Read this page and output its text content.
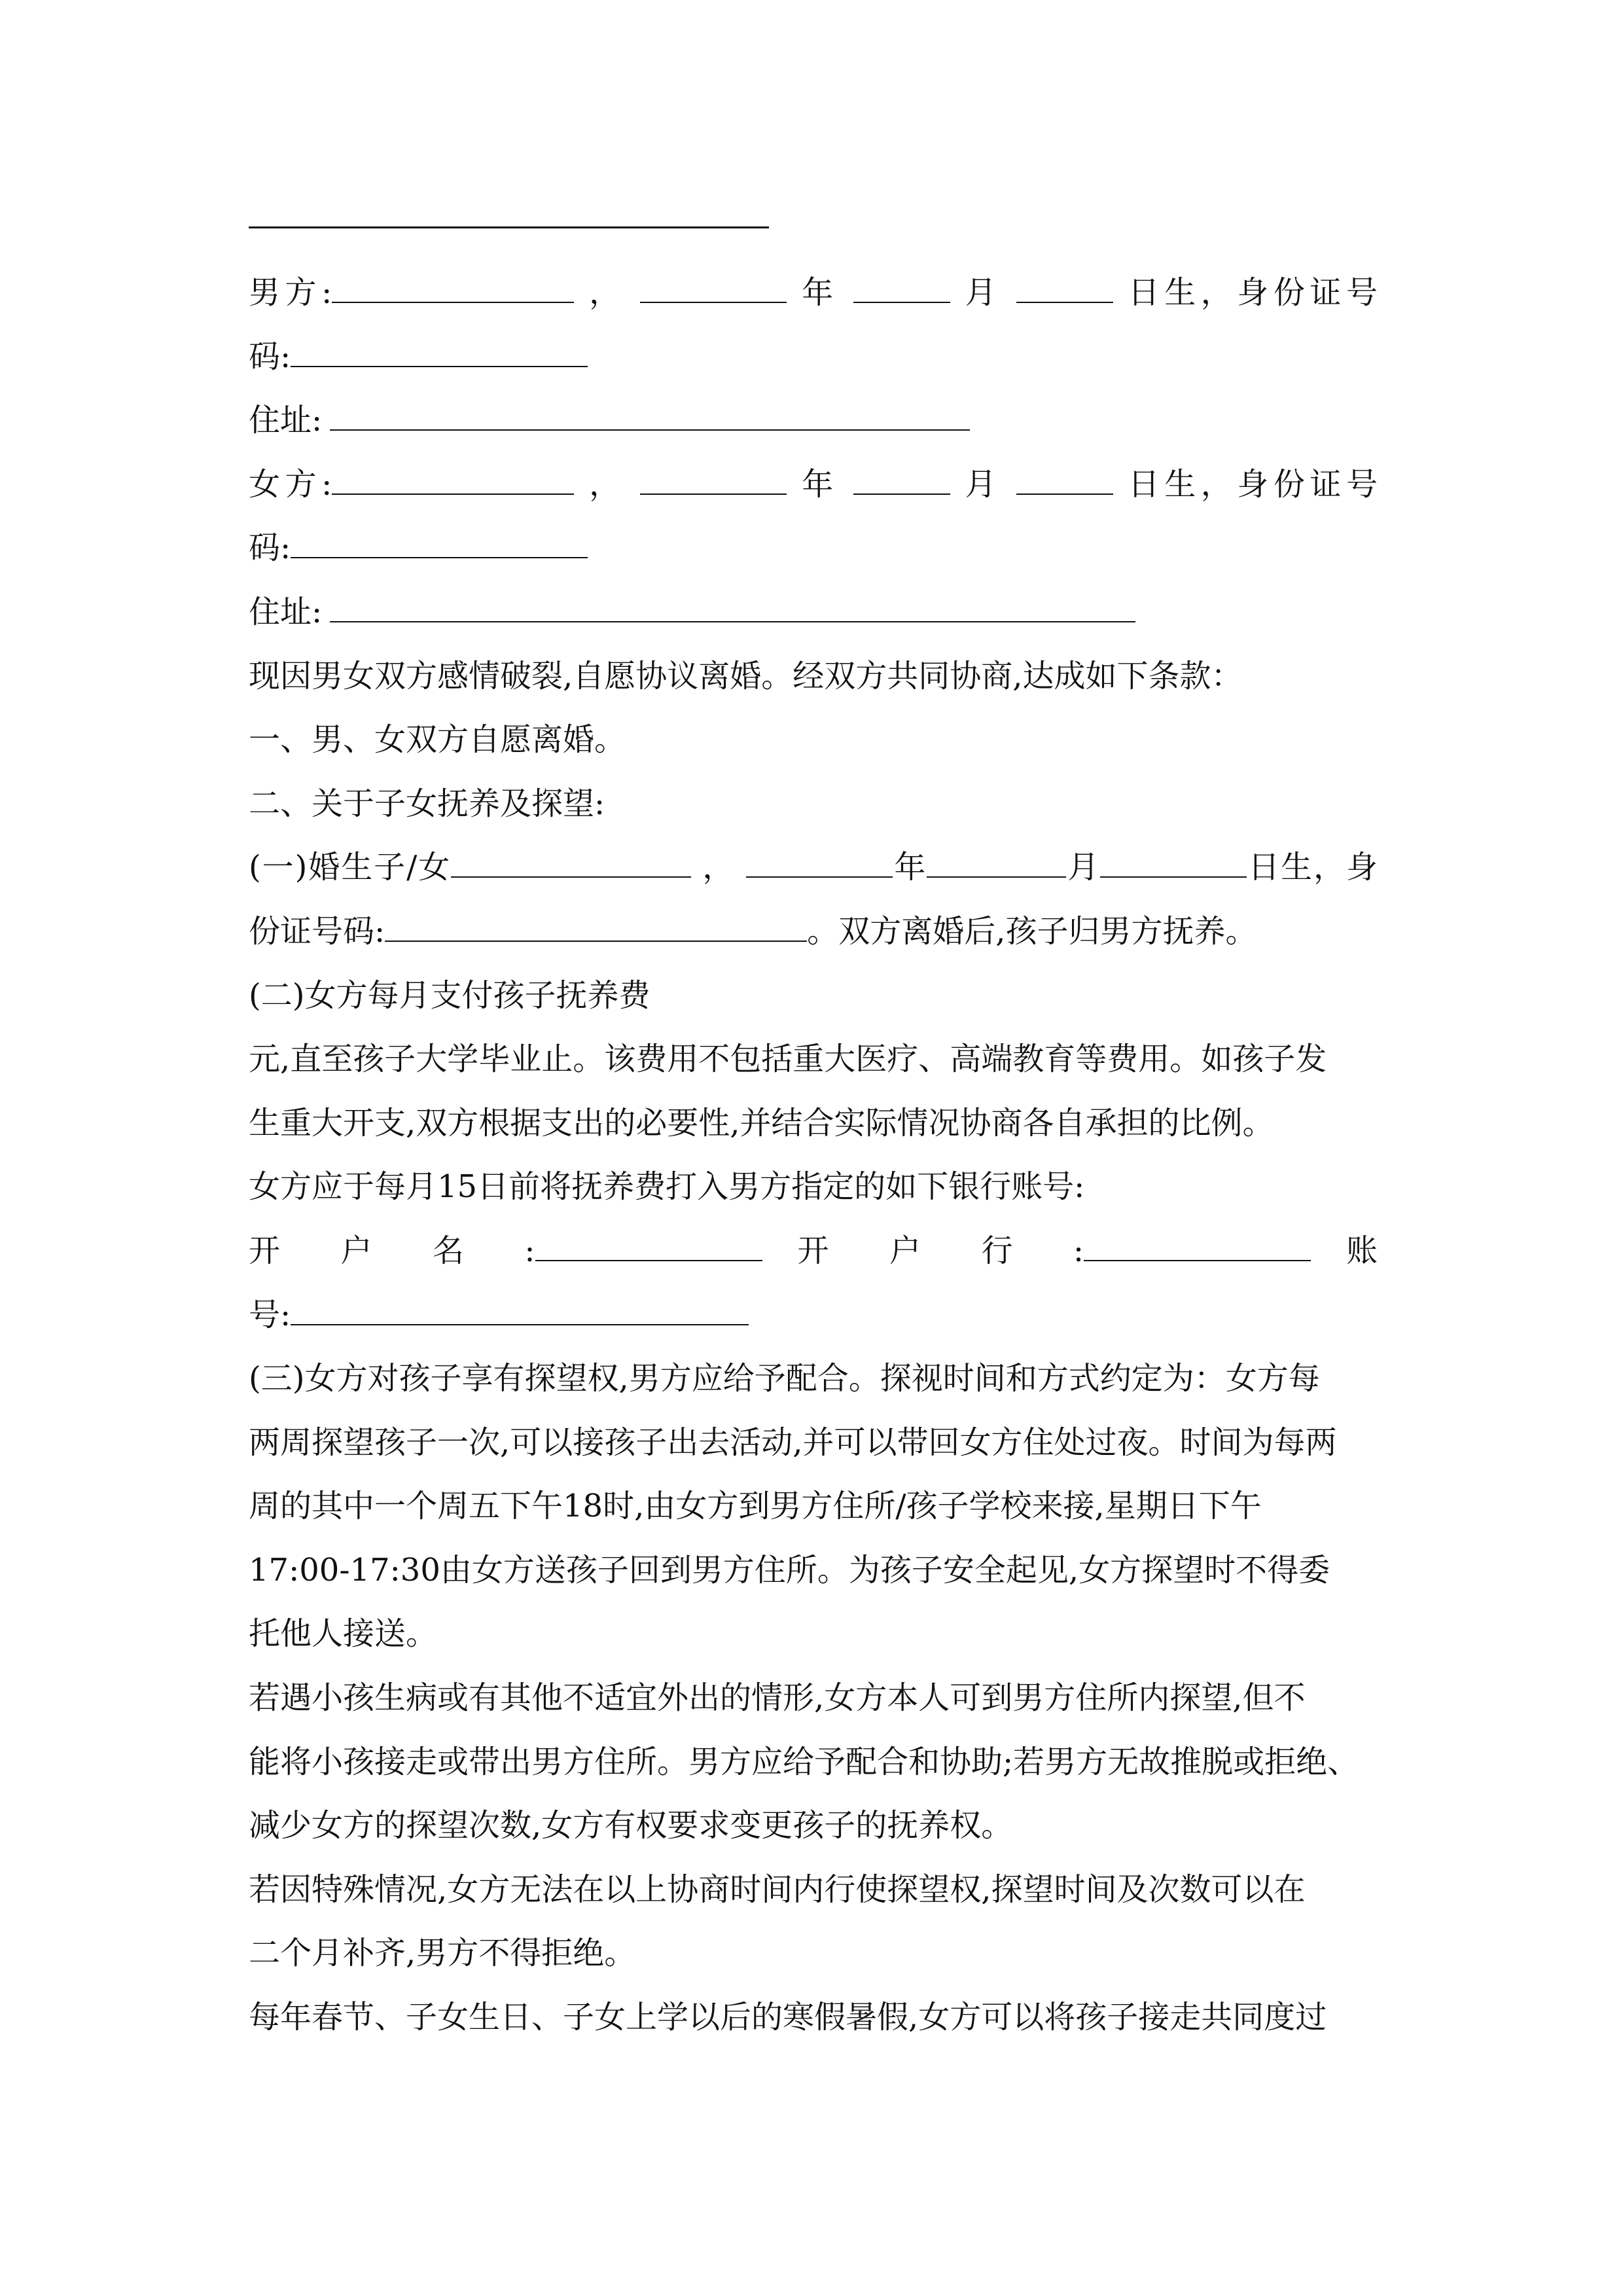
男方:	，	年	月	日生，身份证号
码:
住址:
女方:	，	年	月	日生，身份证号
码:
住址:
现因男女双方感情破裂,自愿协议离婚。经双方共同协商,达成如下条款：
一、男、女双方自愿离婚。
二、关于子女抚养及探望:
(一)婚生子/女	，	年	月	日生，身
份证号码:	。双方离婚后,孩子归男方抚养。
(二)女方每月支付孩子抚养费
元,直至孩子大学毕业止。该费用不包括重大医疗、高端教育等费用。如孩子发
生重大开支,双方根据支出的必要性,并结合实际情况协商各自承担的比例。
女方应于每月15日前将抚养费打入男方指定的如下银行账号:
开 户 名 :	开 户 行 :	账
号:
(三)女方对孩子享有探望权,男方应给予配合。探视时间和方式约定为：女方每
两周探望孩子一次,可以接孩子出去活动,并可以带回女方住处过夜。时间为每两
周的其中一个周五下午18时,由女方到男方住所/孩子学校来接,星期日下午
17:00-17:30由女方送孩子回到男方住所。为孩子安全起见,女方探望时不得委
托他人接送。
若遇小孩生病或有其他不适宜外出的情形,女方本人可到男方住所内探望,但不
能将小孩接走或带出男方住所。男方应给予配合和协助;若男方无故推脱或拒绝、
减少女方的探望次数,女方有权要求变更孩子的抚养权。
若因特殊情况,女方无法在以上协商时间内行使探望权,探望时间及次数可以在
二个月补齐,男方不得拒绝。
每年春节、子女生日、子女上学以后的寒假暑假,女方可以将孩子接走共同度过
